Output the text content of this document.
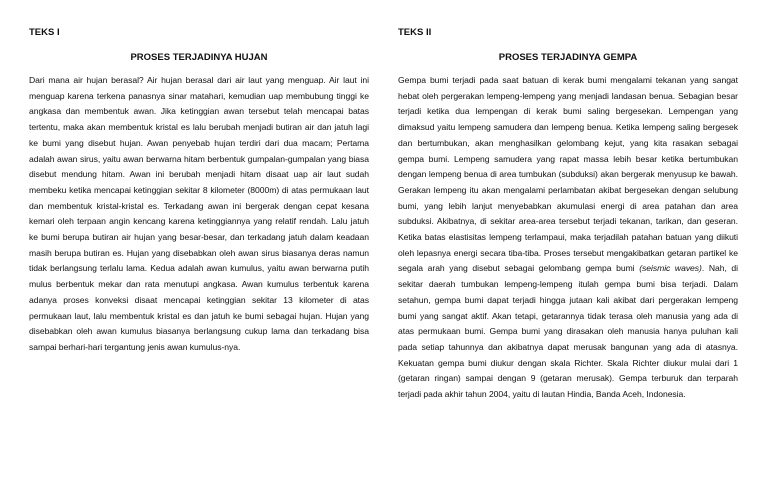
TEKS I

PROSES TERJADINYA HUJAN

Dari mana air hujan berasal? Air hujan berasal dari air laut yang menguap. Air laut ini menguap karena terkena panasnya sinar matahari, kemudian uap membubung tinggi ke angkasa dan membentuk awan. Jika ketinggian awan tersebut telah mencapai batas tertentu, maka akan membentuk kristal es lalu berubah menjadi butiran air dan jatuh lagi ke bumi yang disebut hujan. Awan penyebab hujan terdiri dari dua macam; Pertama adalah awan sirus, yaitu awan berwarna hitam berbentuk gumpalan-gumpalan yang biasa disebut mendung hitam. Awan ini berubah menjadi hitam disaat uap air laut sudah membeku ketika mencapai ketinggian sekitar 8 kilometer (8000m) di atas permukaan laut dan membentuk kristal-kristal es. Terkadang awan ini bergerak dengan cepat kesana kemari oleh terpaan angin kencang karena ketinggiannya yang relatif rendah. Lalu jatuh ke bumi berupa butiran air hujan yang besar-besar, dan terkadang jatuh dalam keadaan masih berupa butiran es. Hujan yang disebabkan oleh awan sirus biasanya deras namun tidak berlangsung terlalu lama. Kedua adalah awan kumulus, yaitu awan berwarna putih mulus berbentuk mekar dan rata menutupi angkasa. Awan kumulus terbentuk karena adanya proses konveksi disaat mencapai ketinggian sekitar 13 kilometer di atas permukaan laut, lalu membentuk kristal es dan jatuh ke bumi sebagai hujan. Hujan yang disebabkan oleh awan kumulus biasanya berlangsung cukup lama dan terkadang bisa sampai berhari-hari tergantung jenis awan kumulus-nya.

TEKS II

PROSES TERJADINYA GEMPA

Gempa bumi terjadi pada saat batuan di kerak bumi mengalami tekanan yang sangat hebat oleh pergerakan lempeng-lempeng yang menjadi landasan benua. Sebagian besar terjadi ketika dua lempengan di kerak bumi saling bergesekan. Lempengan yang dimaksud yaitu lempeng samudera dan lempeng benua. Ketika lempeng saling bergesek dan bertumbukan, akan menghasilkan gelombang kejut, yang kita rasakan sebagai gempa bumi. Lempeng samudera yang rapat massa lebih besar ketika bertumbukan dengan lempeng benua di area tumbukan (subduksi) akan bergerak menyusup ke bawah. Gerakan lempeng itu akan mengalami perlambatan akibat bergesekan dengan selubung bumi, yang lebih lanjut menyebabkan akumulasi energi di area patahan dan area subduksi. Akibatnya, di sekitar area-area tersebut terjadi tekanan, tarikan, dan geseran. Ketika batas elastisitas lempeng terlampaui, maka terjadilah patahan batuan yang diikuti oleh lepasnya energi secara tiba-tiba. Proses tersebut mengakibatkan getaran partikel ke segala arah yang disebut sebagai gelombang gempa bumi (seismic waves). Nah, di sekitar daerah tumbukan lempeng-lempeng itulah gempa bumi bisa terjadi. Dalam setahun, gempa bumi dapat terjadi hingga jutaan kali akibat dari pergerakan lempeng bumi yang sangat aktif. Akan tetapi, getarannya tidak terasa oleh manusia yang ada di atas permukaan bumi. Gempa bumi yang dirasakan oleh manusia hanya puluhan kali pada setiap tahunnya dan akibatnya dapat merusak bangunan yang ada di atasnya. Kekuatan gempa bumi diukur dengan skala Richter. Skala Richter diukur mulai dari 1 (getaran ringan) sampai dengan 9 (getaran merusak). Gempa terburuk dan terparah terjadi pada akhir tahun 2004, yaitu di lautan Hindia, Banda Aceh, Indonesia.
